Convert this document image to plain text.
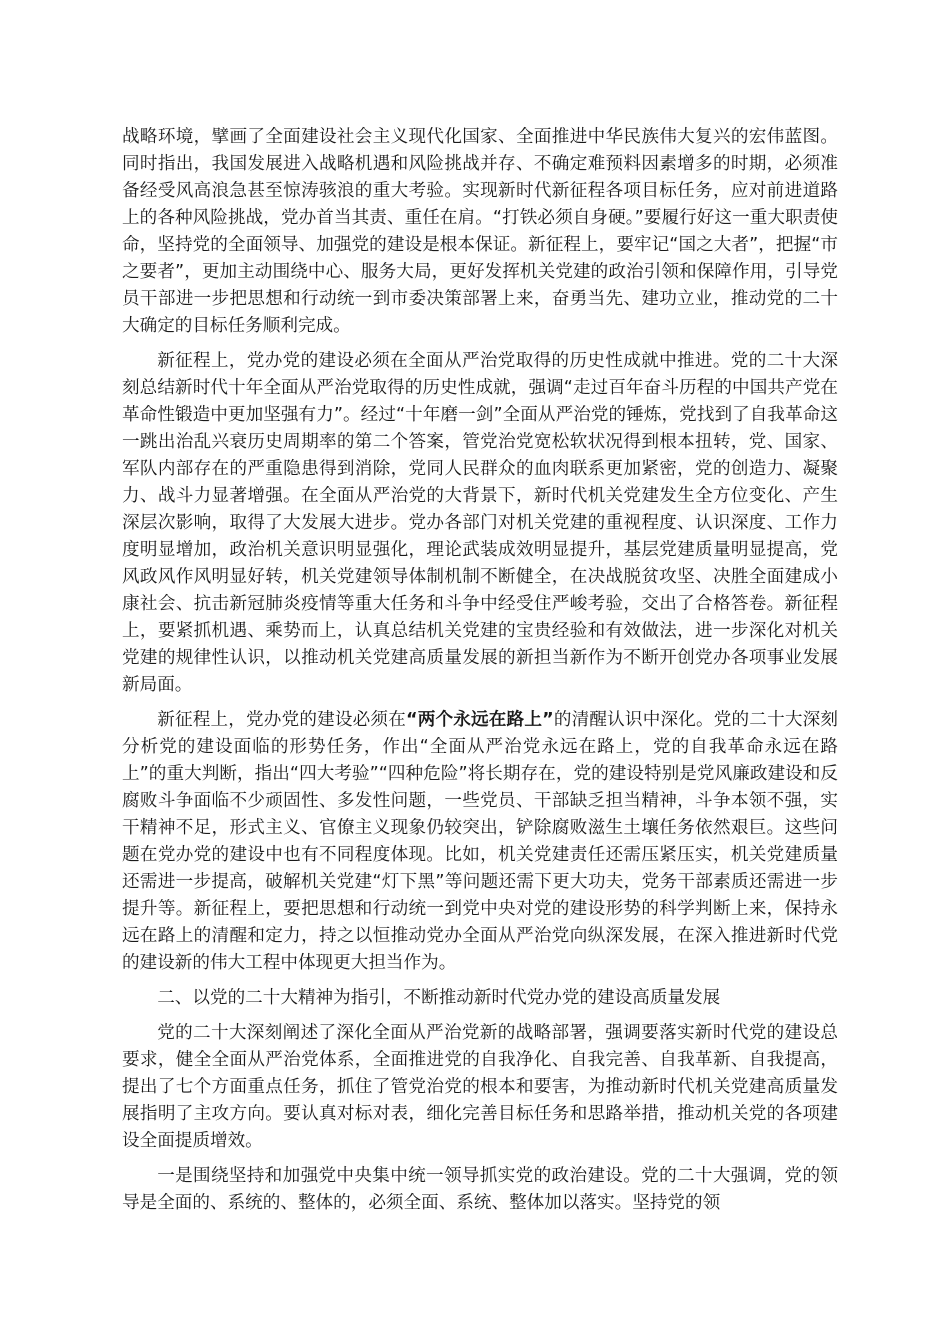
战略环境，擘画了全面建设社会主义现代化国家、全面推进中华民族伟大复兴的宏伟蓝图。同时指出，我国发展进入战略机遇和风险挑战并存、不确定难预料因素增多的时期，必须准备经受风高浪急甚至惊涛骇浪的重大考验。实现新时代新征程各项目标任务，应对前进道路上的各种风险挑战，党办首当其责、重任在肩。“打铁必须自身硬。”要履行好这一重大职责使命，坚持党的全面领导、加强党的建设是根本保证。新征程上，要牢记“国之大者”，把握“市之要者”，更加主动围绕中心、服务大局，更好发挥机关党建的政治引领和保障作用，引导党员干部进一步把思想和行动统一到市委决策部署上来，奋勇当先、建功立业，推动党的二十大确定的目标任务顺利完成。

新征程上，党办党的建设必须在全面从严治党取得的历史性成就中推进。党的二十大深刻总结新时代十年全面从严治党取得的历史性成就，强调“走过百年奋斗历程的中国共产党在革命性锻造中更加坚强有力”。经过“十年磨一剑”全面从严治党的锤炼，党找到了自我革命这一跳出治乱兴衰历史周期率的第二个答案，管党治党宽松软状况得到根本扭转，党、国家、军队内部存在的严重隐患得到消除，党同人民群众的血肉联系更加紧密，党的创造力、凝聚力、战斗力显著增强。在全面从严治党的大背景下，新时代机关党建发生全方位变化、产生深层次影响，取得了大发展大进步。党办各部门对机关党建的重视程度、认识深度、工作力度明显增加，政治机关意识明显强化，理论武装成效明显提升，基层党建质量明显提高，党风政风作风明显好转，机关党建领导体制机制不断健全，在决战脱贫攻坚、决胜全面建成小康社会、抗击新冠肺炎疫情等重大任务和斗争中经受住严峻考验，交出了合格答卷。新征程上，要紧抓机遇、乘势而上，认真总结机关党建的宝贵经验和有效做法，进一步深化对机关党建的规律性认识，以推动机关党建高质量发展的新担当新作为不断开创党办各项事业发展新局面。

新征程上，党办党的建设必须在“两个永远在路上”的清醒认识中深化。党的二十大深刻分析党的建设面临的形势任务，作出“全面从严治党永远在路上，党的自我革命永远在路上”的重大判断，指出“四大考验”“四种危险”将长期存在，党的建设特别是党风廉政建设和反腐败斗争面临不少顽固性、多发性问题，一些党员、干部缺乏担当精神，斗争本领不强，实干精神不足，形式主义、官僚主义现象仍较突出，铲除腐败滋生土壤任务依然艰巨。这些问题在党办党的建设中也有不同程度体现。比如，机关党建责任还需压紧压实，机关党建质量还需进一步提高，破解机关党建“灯下黑”等问题还需下更大功夫，党务干部素质还需进一步提升等。新征程上，要把思想和行动统一到党中央对党的建设形势的科学判断上来，保持永远在路上的清醒和定力，持之以恒推动党办全面从严治党向纵深发展，在深入推进新时代党的建设新的伟大工程中体现更大担当作为。

二、以党的二十大精神为指引，不断推动新时代党办党的建设高质量发展

党的二十大深刻阐述了深化全面从严治党新的战略部署，强调要落实新时代党的建设总要求，健全全面从严治党体系，全面推进党的自我净化、自我完善、自我革新、自我提高，提出了七个方面重点任务，抓住了管党治党的根本和要害，为推动新时代机关党建高质量发展指明了主攻方向。要认真对标对表，细化完善目标任务和思路举措，推动机关党的各项建设全面提质增效。

一是围绕坚持和加强党中央集中统一领导抓实党的政治建设。党的二十大强调，党的领导是全面的、系统的、整体的，必须全面、系统、整体加以落实。坚持党的领
